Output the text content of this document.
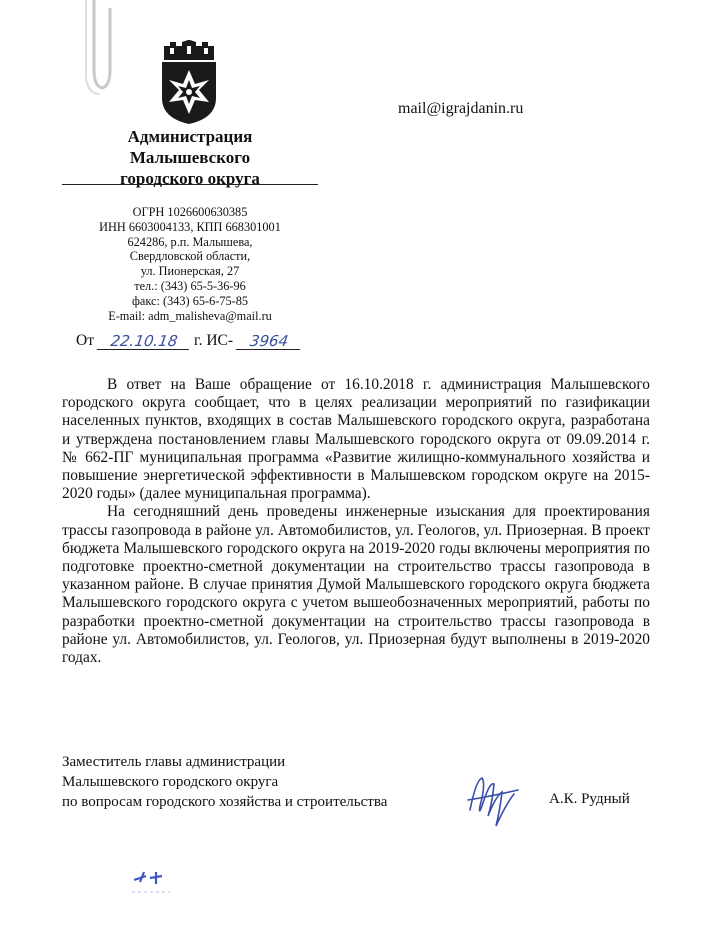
mail@igrajdanin.ru
Администрация
Малышевского
городского округа
ОГРН 1026600630385
ИНН 6603004133, КПП 668301001
624286, р.п. Малышева,
Свердловской области,
ул. Пионерская, 27
тел.: (343) 65-5-36-96
факс: (343) 65-6-75-85
E-mail: adm_malisheva@mail.ru
От	22.10.18 г. ИС-	3964

В ответ на Ваше обращение от 16.10.2018 г. администрация Малышевского городского округа сообщает, что в целях реализации мероприятий по газификации населенных пунктов, входящих в состав Малышевского городского округа, разработана и утверждена постановлением главы Малышевского городского округа от 09.09.2014 г. № 662-ПГ муниципальная программа «Развитие жилищно-коммунального хозяйства и повышение энергетической эффективности в Малышевском городском округе на 2015-2020 годы» (далее муниципальная программа).

На сегодняшний день проведены инженерные изыскания для проектирования трассы газопровода в районе ул. Автомобилистов, ул. Геологов, ул. Приозерная. В проект бюджета Малышевского городского округа на 2019-2020 годы включены мероприятия по подготовке проектно-сметной документации на строительство трассы газопровода в указанном районе. В случае принятия Думой Малышевского городского округа бюджета Малышевского городского округа с учетом вышеобозначенных мероприятий, работы по разработки проектно-сметной документации на строительство трассы газопровода в районе ул. Автомобилистов, ул. Геологов, ул. Приозерная будут выполнены в 2019-2020 годах.

Заместитель главы администрации
Малышевского городского округа
по вопросам городского хозяйства и строительства	А.К. Рудный
